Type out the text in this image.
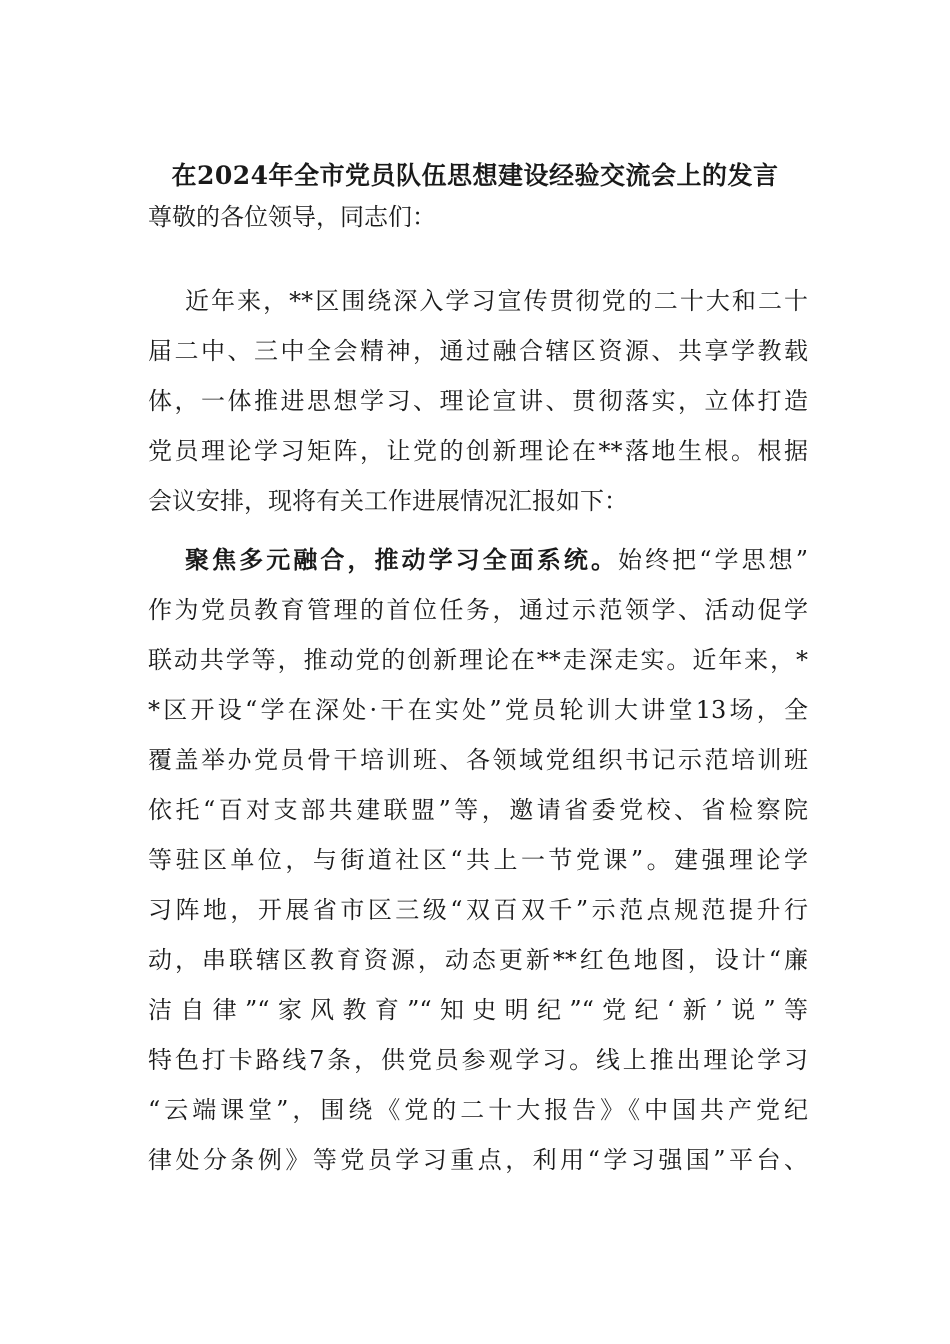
在2024年全市党员队伍思想建设经验交流会上的发言
尊敬的各位领导，同志们：
近年来，**区围绕深入学习宣传贯彻党的二十大和二十
届二中、三中全会精神，通过融合辖区资源、共享学教载
体，一体推进思想学习、理论宣讲、贯彻落实，立体打造
党员理论学习矩阵，让党的创新理论在**落地生根。根据
会议安排，现将有关工作进展情况汇报如下：
聚焦多元融合，推动学习全面系统。始终把“学思想”
作为党员教育管理的首位任务，通过示范领学、活动促学
联动共学等，推动党的创新理论在**走深走实。近年来，*
*区开设“学在深处·干在实处”党员轮训大讲堂13场，全
覆盖举办党员骨干培训班、各领域党组织书记示范培训班
依托“百对支部共建联盟”等，邀请省委党校、省检察院
等驻区单位，与街道社区“共上一节党课”。建强理论学
习阵地，开展省市区三级“双百双千”示范点规范提升行
动，串联辖区教育资源，动态更新**红色地图，设计“廉
洁自律”“家风教育”“知史明纪”“党纪‘新’说”等
特色打卡路线7条，供党员参观学习。线上推出理论学习
“云端课堂”，围绕《党的二十大报告》《中国共产党纪
律处分条例》等党员学习重点，利用“学习强国”平台、
